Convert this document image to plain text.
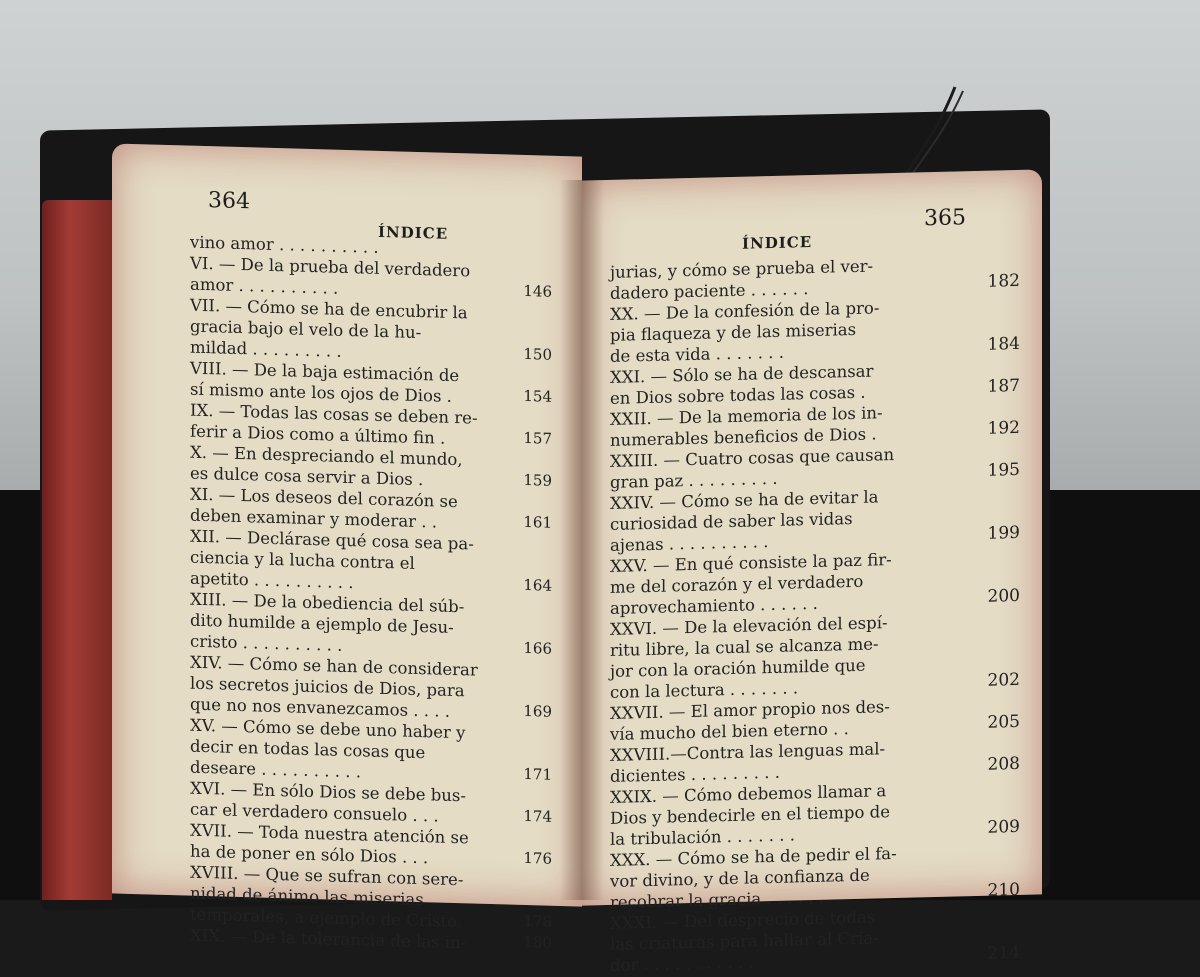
364
ÍNDICE
vino amor . . . . . . . . . .
VI. — De la prueba del verdadero
amor . . . . . . . . . .	146
VII. — Cómo se ha de encubrir la
gracia bajo el velo de la hu-
mildad . . . . . . . . .	150
VIII. — De la baja estimación de
sí mismo ante los ojos de Dios .	154
IX. — Todas las cosas se deben re-
ferir a Dios como a último fin .	157
X. — En despreciando el mundo,
es dulce cosa servir a Dios .	159
XI. — Los deseos del corazón se
deben examinar y moderar . .	161
XII. — Declárase qué cosa sea pa-
ciencia y la lucha contra el
apetito . . . . . . . . . .	164
XIII. — De la obediencia del súb-
dito humilde a ejemplo de Jesu-
cristo . . . . . . . . . .	166
XIV. — Cómo se han de considerar
los secretos juicios de Dios, para
que no nos envanezcamos . . . .	169
XV. — Cómo se debe uno haber y
decir en todas las cosas que
deseare . . . . . . . . . .	171
XVI. — En sólo Dios se debe bus-
car el verdadero consuelo . . .	174
XVII. — Toda nuestra atención se
ha de poner en sólo Dios . . .	176
XVIII. — Que se sufran con sere-
nidad de ánimo las miserias
temporales, a ejemplo de Cristo.	178
XIX. — De la tolerancia de las in-	180
ÍNDICE
365
jurias, y cómo se prueba el ver-
dadero paciente . . . . . .	182
XX. — De la confesión de la pro-
pia flaqueza y de las miserias
de esta vida . . . . . . .	184
XXI. — Sólo se ha de descansar
en Dios sobre todas las cosas .	187
XXII. — De la memoria de los in-
numerables beneficios de Dios .	192
XXIII. — Cuatro cosas que causan
gran paz . . . . . . . . .	195
XXIV. — Cómo se ha de evitar la
curiosidad de saber las vidas
ajenas . . . . . . . . . .	199
XXV. — En qué consiste la paz fir-
me del corazón y el verdadero
aprovechamiento . . . . . .	200
XXVI. — De la elevación del espí-
ritu libre, la cual se alcanza me-
jor con la oración humilde que
con la lectura . . . . . . .	202
XXVII. — El amor propio nos des-
vía mucho del bien eterno . .	205
XXVIII.—Contra las lenguas mal-
dicientes . . . . . . . . .	208
XXIX. — Cómo debemos llamar a
Dios y bendecirle en el tiempo de
la tribulación . . . . . . .	209
XXX. — Cómo se ha de pedir el fa-
vor divino, y de la confianza de
recobrar la gracia . . . . . .	210
XXXI. — Del desprecio de todas
las criaturas para hallar al Cria-
dor . . . . . . . . . . .	214
